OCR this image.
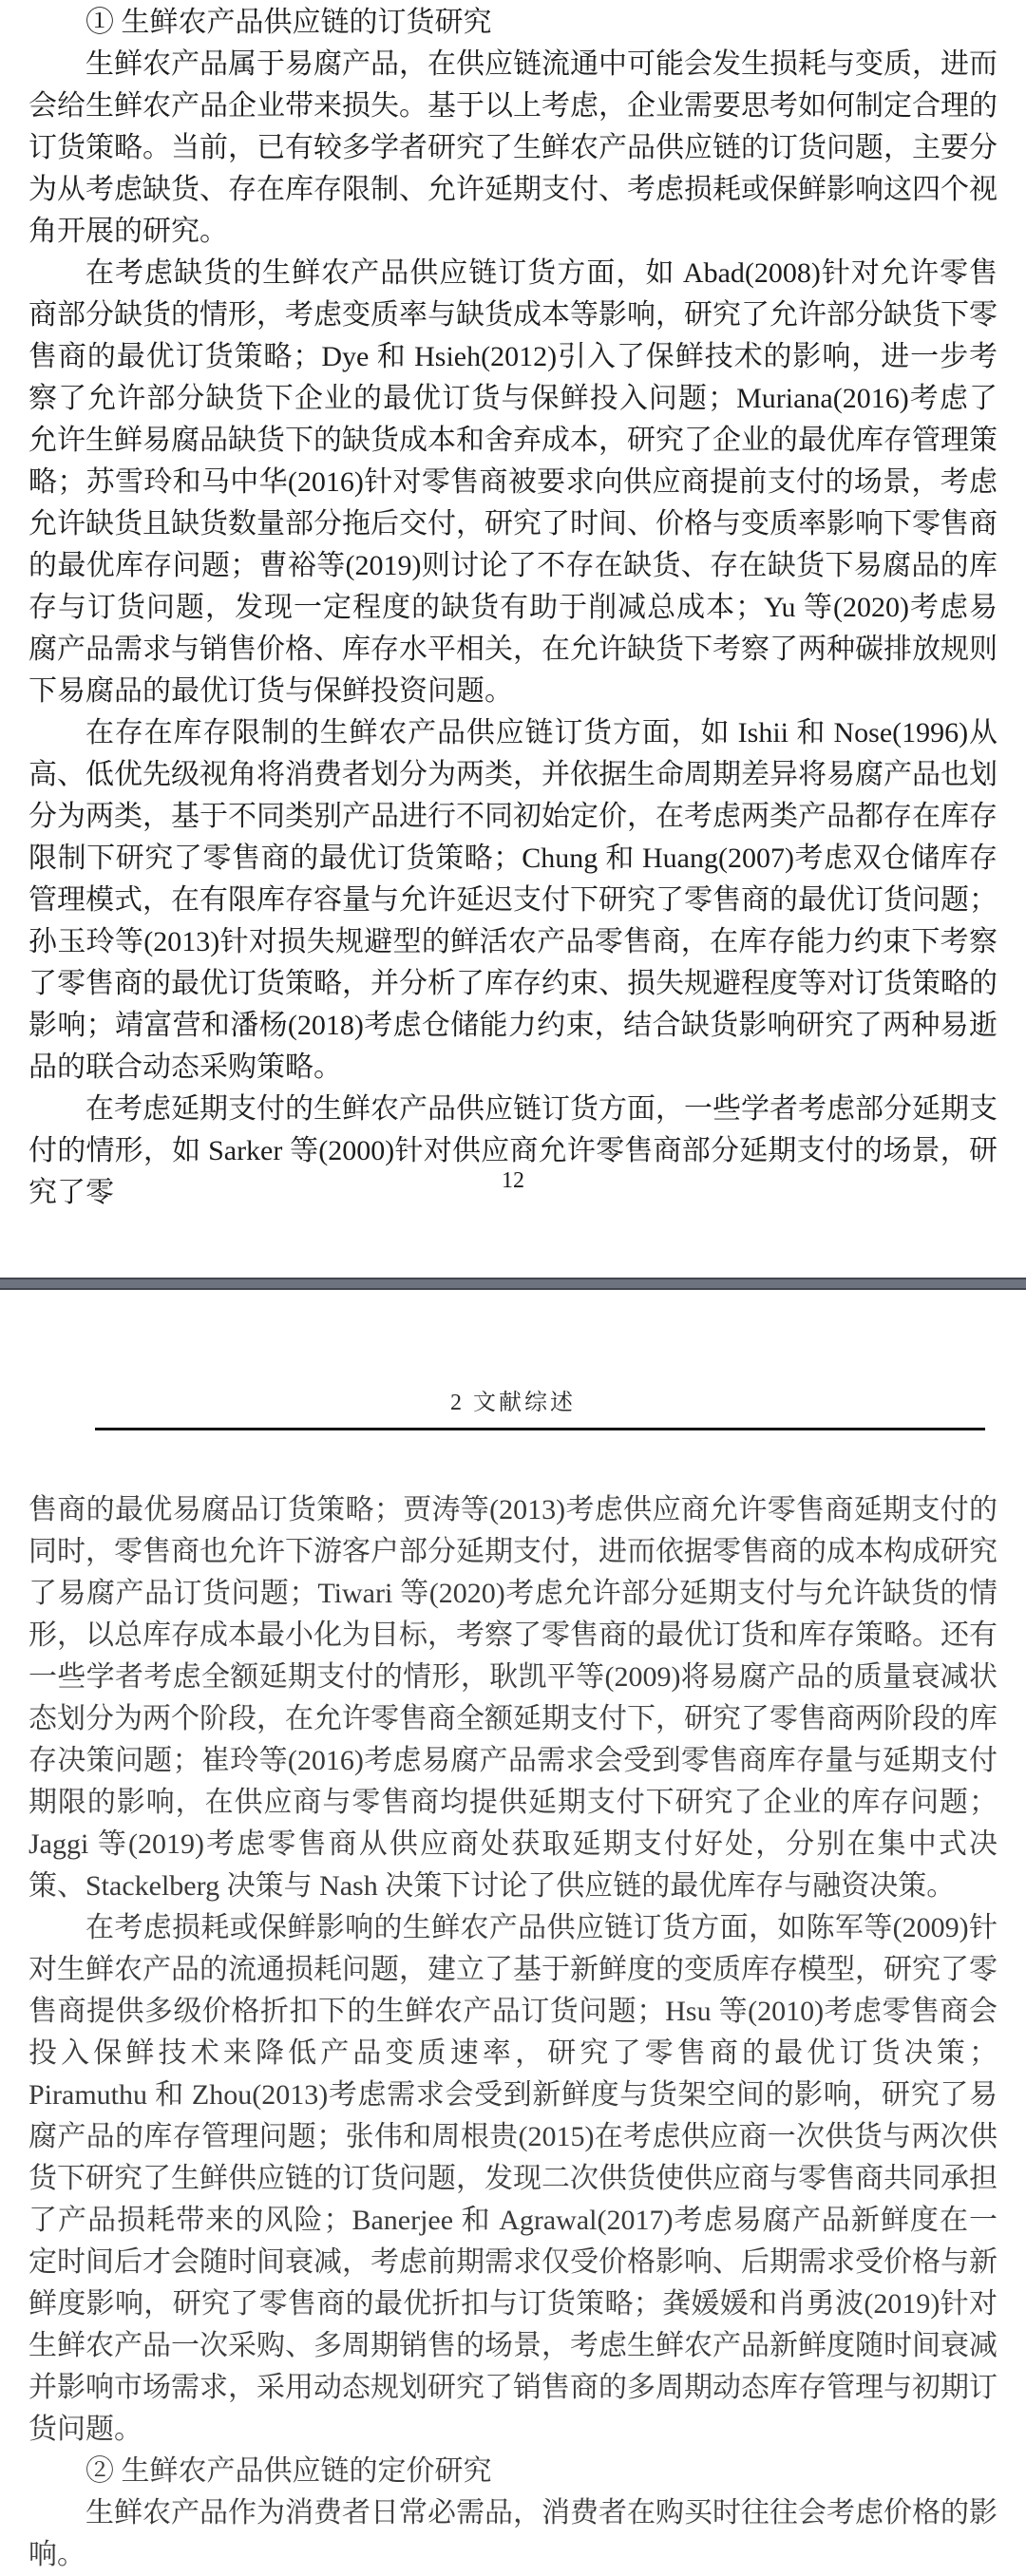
① 生鲜农产品供应链的订货研究

生鲜农产品属于易腐产品，在供应链流通中可能会发生损耗与变质，进而会给生鲜农产品企业带来损失。基于以上考虑，企业需要思考如何制定合理的订货策略。当前，已有较多学者研究了生鲜农产品供应链的订货问题，主要分为从考虑缺货、存在库存限制、允许延期支付、考虑损耗或保鲜影响这四个视角开展的研究。

在考虑缺货的生鲜农产品供应链订货方面，如 Abad(2008)针对允许零售商部分缺货的情形，考虑变质率与缺货成本等影响，研究了允许部分缺货下零售商的最优订货策略；Dye 和 Hsieh(2012)引入了保鲜技术的影响，进一步考察了允许部分缺货下企业的最优订货与保鲜投入问题；Muriana(2016)考虑了允许生鲜易腐品缺货下的缺货成本和舍弃成本，研究了企业的最优库存管理策略；苏雪玲和马中华(2016)针对零售商被要求向供应商提前支付的场景，考虑允许缺货且缺货数量部分拖后交付，研究了时间、价格与变质率影响下零售商的最优库存问题；曹裕等(2019)则讨论了不存在缺货、存在缺货下易腐品的库存与订货问题，发现一定程度的缺货有助于削减总成本；Yu 等(2020)考虑易腐产品需求与销售价格、库存水平相关，在允许缺货下考察了两种碳排放规则下易腐品的最优订货与保鲜投资问题。

在存在库存限制的生鲜农产品供应链订货方面，如 Ishii 和 Nose(1996)从高、低优先级视角将消费者划分为两类，并依据生命周期差异将易腐产品也划分为两类，基于不同类别产品进行不同初始定价，在考虑两类产品都存在库存限制下研究了零售商的最优订货策略；Chung 和 Huang(2007)考虑双仓储库存管理模式，在有限库存容量与允许延迟支付下研究了零售商的最优订货问题；孙玉玲等(2013)针对损失规避型的鲜活农产品零售商，在库存能力约束下考察了零售商的最优订货策略，并分析了库存约束、损失规避程度等对订货策略的影响；靖富营和潘杨(2018)考虑仓储能力约束，结合缺货影响研究了两种易逝品的联合动态采购策略。

在考虑延期支付的生鲜农产品供应链订货方面，一些学者考虑部分延期支付的情形，如 Sarker 等(2000)针对供应商允许零售商部分延期支付的场景，研究了零	12
2 文献综述

售商的最优易腐品订货策略；贾涛等(2013)考虑供应商允许零售商延期支付的同时，零售商也允许下游客户部分延期支付，进而依据零售商的成本构成研究了易腐产品订货问题；Tiwari 等(2020)考虑允许部分延期支付与允许缺货的情形，以总库存成本最小化为目标，考察了零售商的最优订货和库存策略。还有一些学者考虑全额延期支付的情形，耿凯平等(2009)将易腐产品的质量衰减状态划分为两个阶段，在允许零售商全额延期支付下，研究了零售商两阶段的库存决策问题；崔玲等(2016)考虑易腐产品需求会受到零售商库存量与延期支付期限的影响，在供应商与零售商均提供延期支付下研究了企业的库存问题；Jaggi 等(2019)考虑零售商从供应商处获取延期支付好处，分别在集中式决策、Stackelberg 决策与 Nash 决策下讨论了供应链的最优库存与融资决策。

在考虑损耗或保鲜影响的生鲜农产品供应链订货方面，如陈军等(2009)针对生鲜农产品的流通损耗问题，建立了基于新鲜度的变质库存模型，研究了零售商提供多级价格折扣下的生鲜农产品订货问题；Hsu 等(2010)考虑零售商会投入保鲜技术来降低产品变质速率，研究了零售商的最优订货决策；Piramuthu 和 Zhou(2013)考虑需求会受到新鲜度与货架空间的影响，研究了易腐产品的库存管理问题；张伟和周根贵(2015)在考虑供应商一次供货与两次供货下研究了生鲜供应链的订货问题，发现二次供货使供应商与零售商共同承担了产品损耗带来的风险；Banerjee 和 Agrawal(2017)考虑易腐产品新鲜度在一定时间后才会随时间衰减，考虑前期需求仅受价格影响、后期需求受价格与新鲜度影响，研究了零售商的最优折扣与订货策略；龚媛媛和肖勇波(2019)针对生鲜农产品一次采购、多周期销售的场景，考虑生鲜农产品新鲜度随时间衰减并影响市场需求，采用动态规划研究了销售商的多周期动态库存管理与初期订货问题。

② 生鲜农产品供应链的定价研究

生鲜农产品作为消费者日常必需品，消费者在购买时往往会考虑价格的影响。
